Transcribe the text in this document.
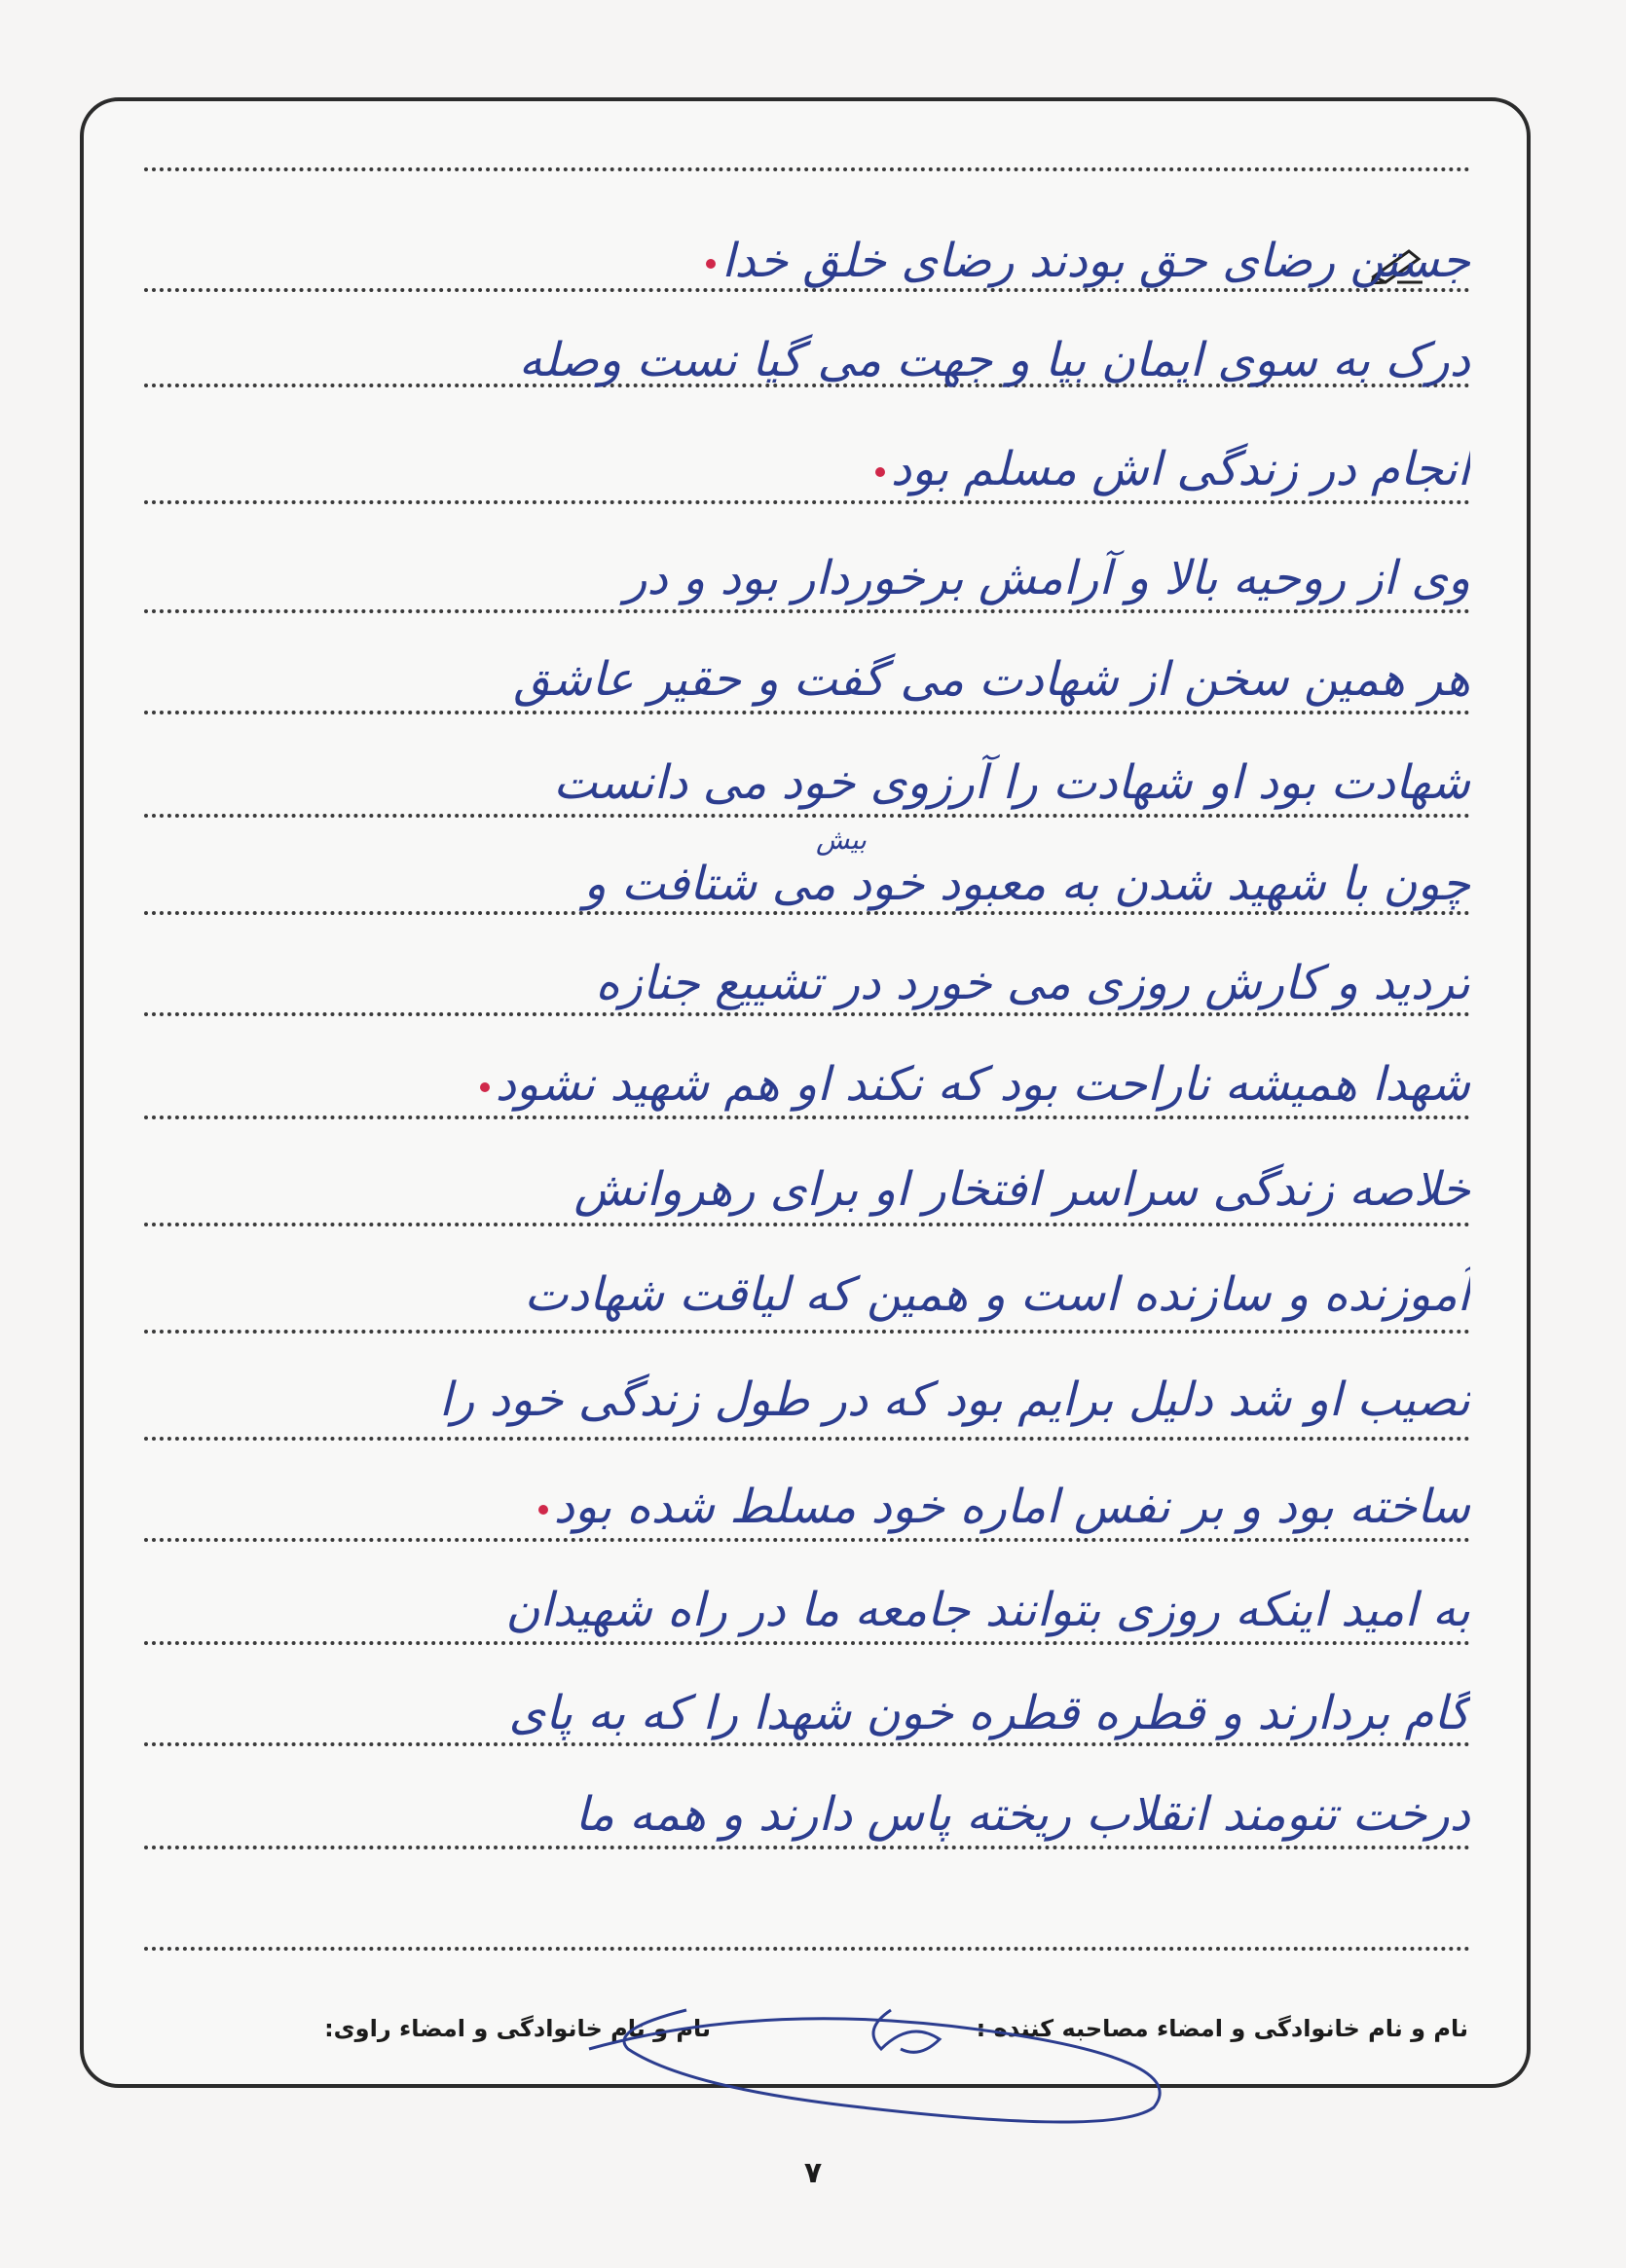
جستن رضای حق بودند رضای خلق خدا
درک به سوی ایمان بیا و جهت می گیا نست وصله
انجام در زندگی اش مسلم بود
وی از روحیه بالا و آرامش برخوردار بود و در
هر همین سخن از شهادت می گفت و حقیر عاشق
شهادت بود او شهادت را آرزوی خود می دانست
بیش
چون با شهید شدن به معبود خود می شتافت و
تردید و کارش روزی می خورد در تشییع جنازه
شهدا همیشه ناراحت بود که نکند او هم شهید نشود
خلاصه زندگی سراسر افتخار او برای رهروانش
آموزنده و سازنده است و همین که لیاقت شهادت
نصیب او شد دلیل برایم بود که در طول زندگی خود را
ساخته بود و بر نفس اماره خود مسلط شده بود
به امید اینکه روزی بتوانند جامعه ما در راه شهیدان
گام بردارند و قطره قطره خون شهدا را که به پای
درخت تنومند انقلاب ریخته پاس دارند و همه ما
نام و نام خانوادگی و امضاء مصاحبه کننده :
نام و نام خانوادگی و امضاء راوی:
۷
